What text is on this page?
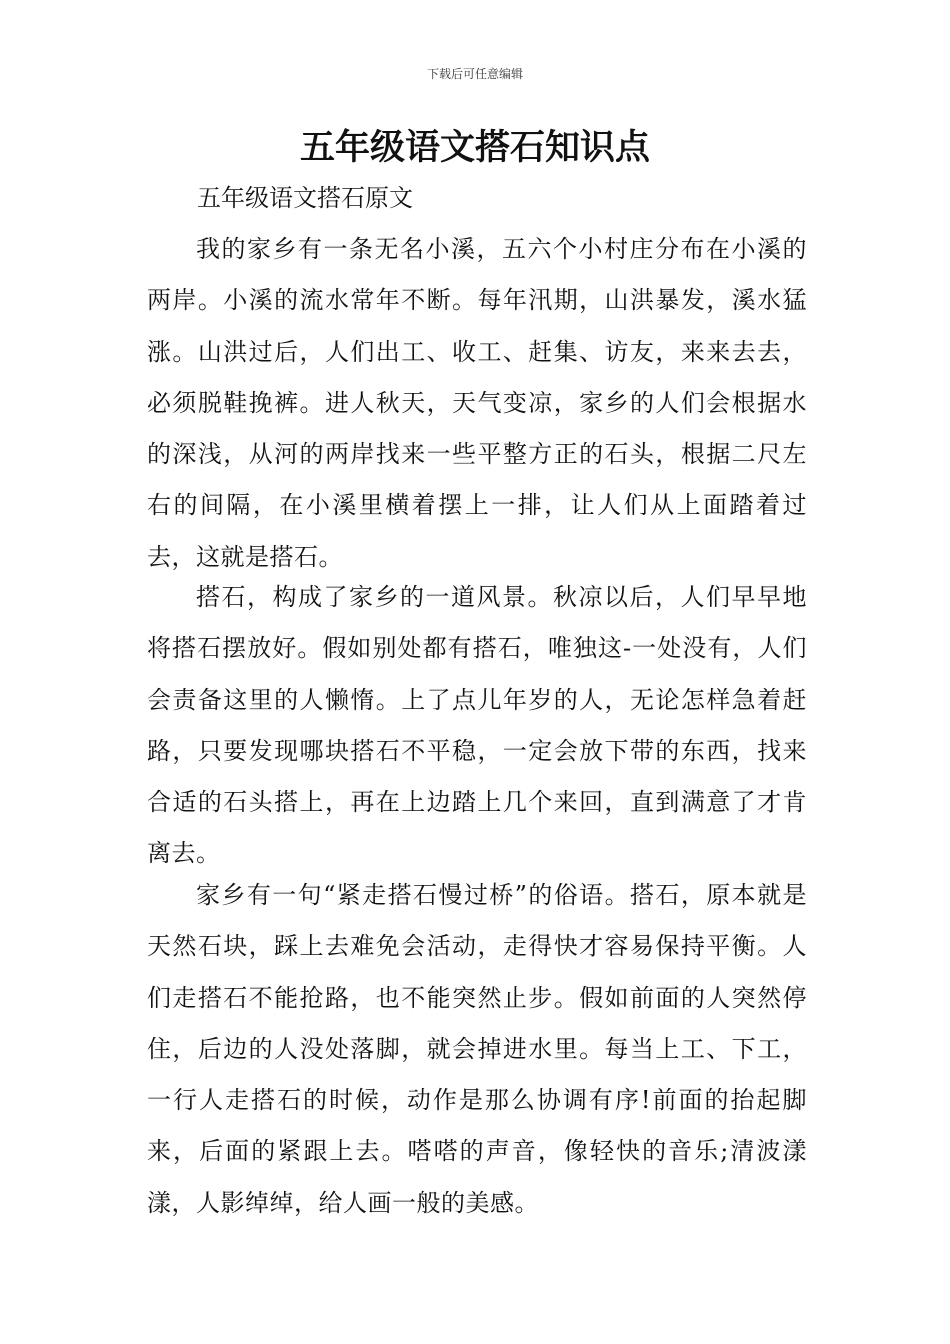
下载后可任意编辑
五年级语文搭石知识点

五年级语文搭石原文

我的家乡有一条无名小溪，五六个小村庄分布在小溪的两岸。小溪的流水常年不断。每年汛期，山洪暴发，溪水猛涨。山洪过后，人们出工、收工、赶集、访友，来来去去，必须脱鞋挽裤。进人秋天，天气变凉，家乡的人们会根据水的深浅，从河的两岸找来一些平整方正的石头，根据二尺左右的间隔，在小溪里横着摆上一排，让人们从上面踏着过去，这就是搭石。

搭石，构成了家乡的一道风景。秋凉以后，人们早早地将搭石摆放好。假如别处都有搭石，唯独这-一处没有，人们会责备这里的人懒惰。上了点儿年岁的人，无论怎样急着赶路，只要发现哪块搭石不平稳，一定会放下带的东西，找来合适的石头搭上，再在上边踏上几个来回，直到满意了才肯离去。

家乡有一句“紧走搭石慢过桥”的俗语。搭石，原本就是天然石块，踩上去难免会活动，走得快才容易保持平衡。人们走搭石不能抢路，也不能突然止步。假如前面的人突然停住，后边的人没处落脚，就会掉进水里。每当上工、下工，一行人走搭石的时候，动作是那么协调有序!前面的抬起脚来，后面的紧跟上去。嗒嗒的声音，像轻快的音乐;清波漾漾，人影绰绰，给人画一般的美感。
